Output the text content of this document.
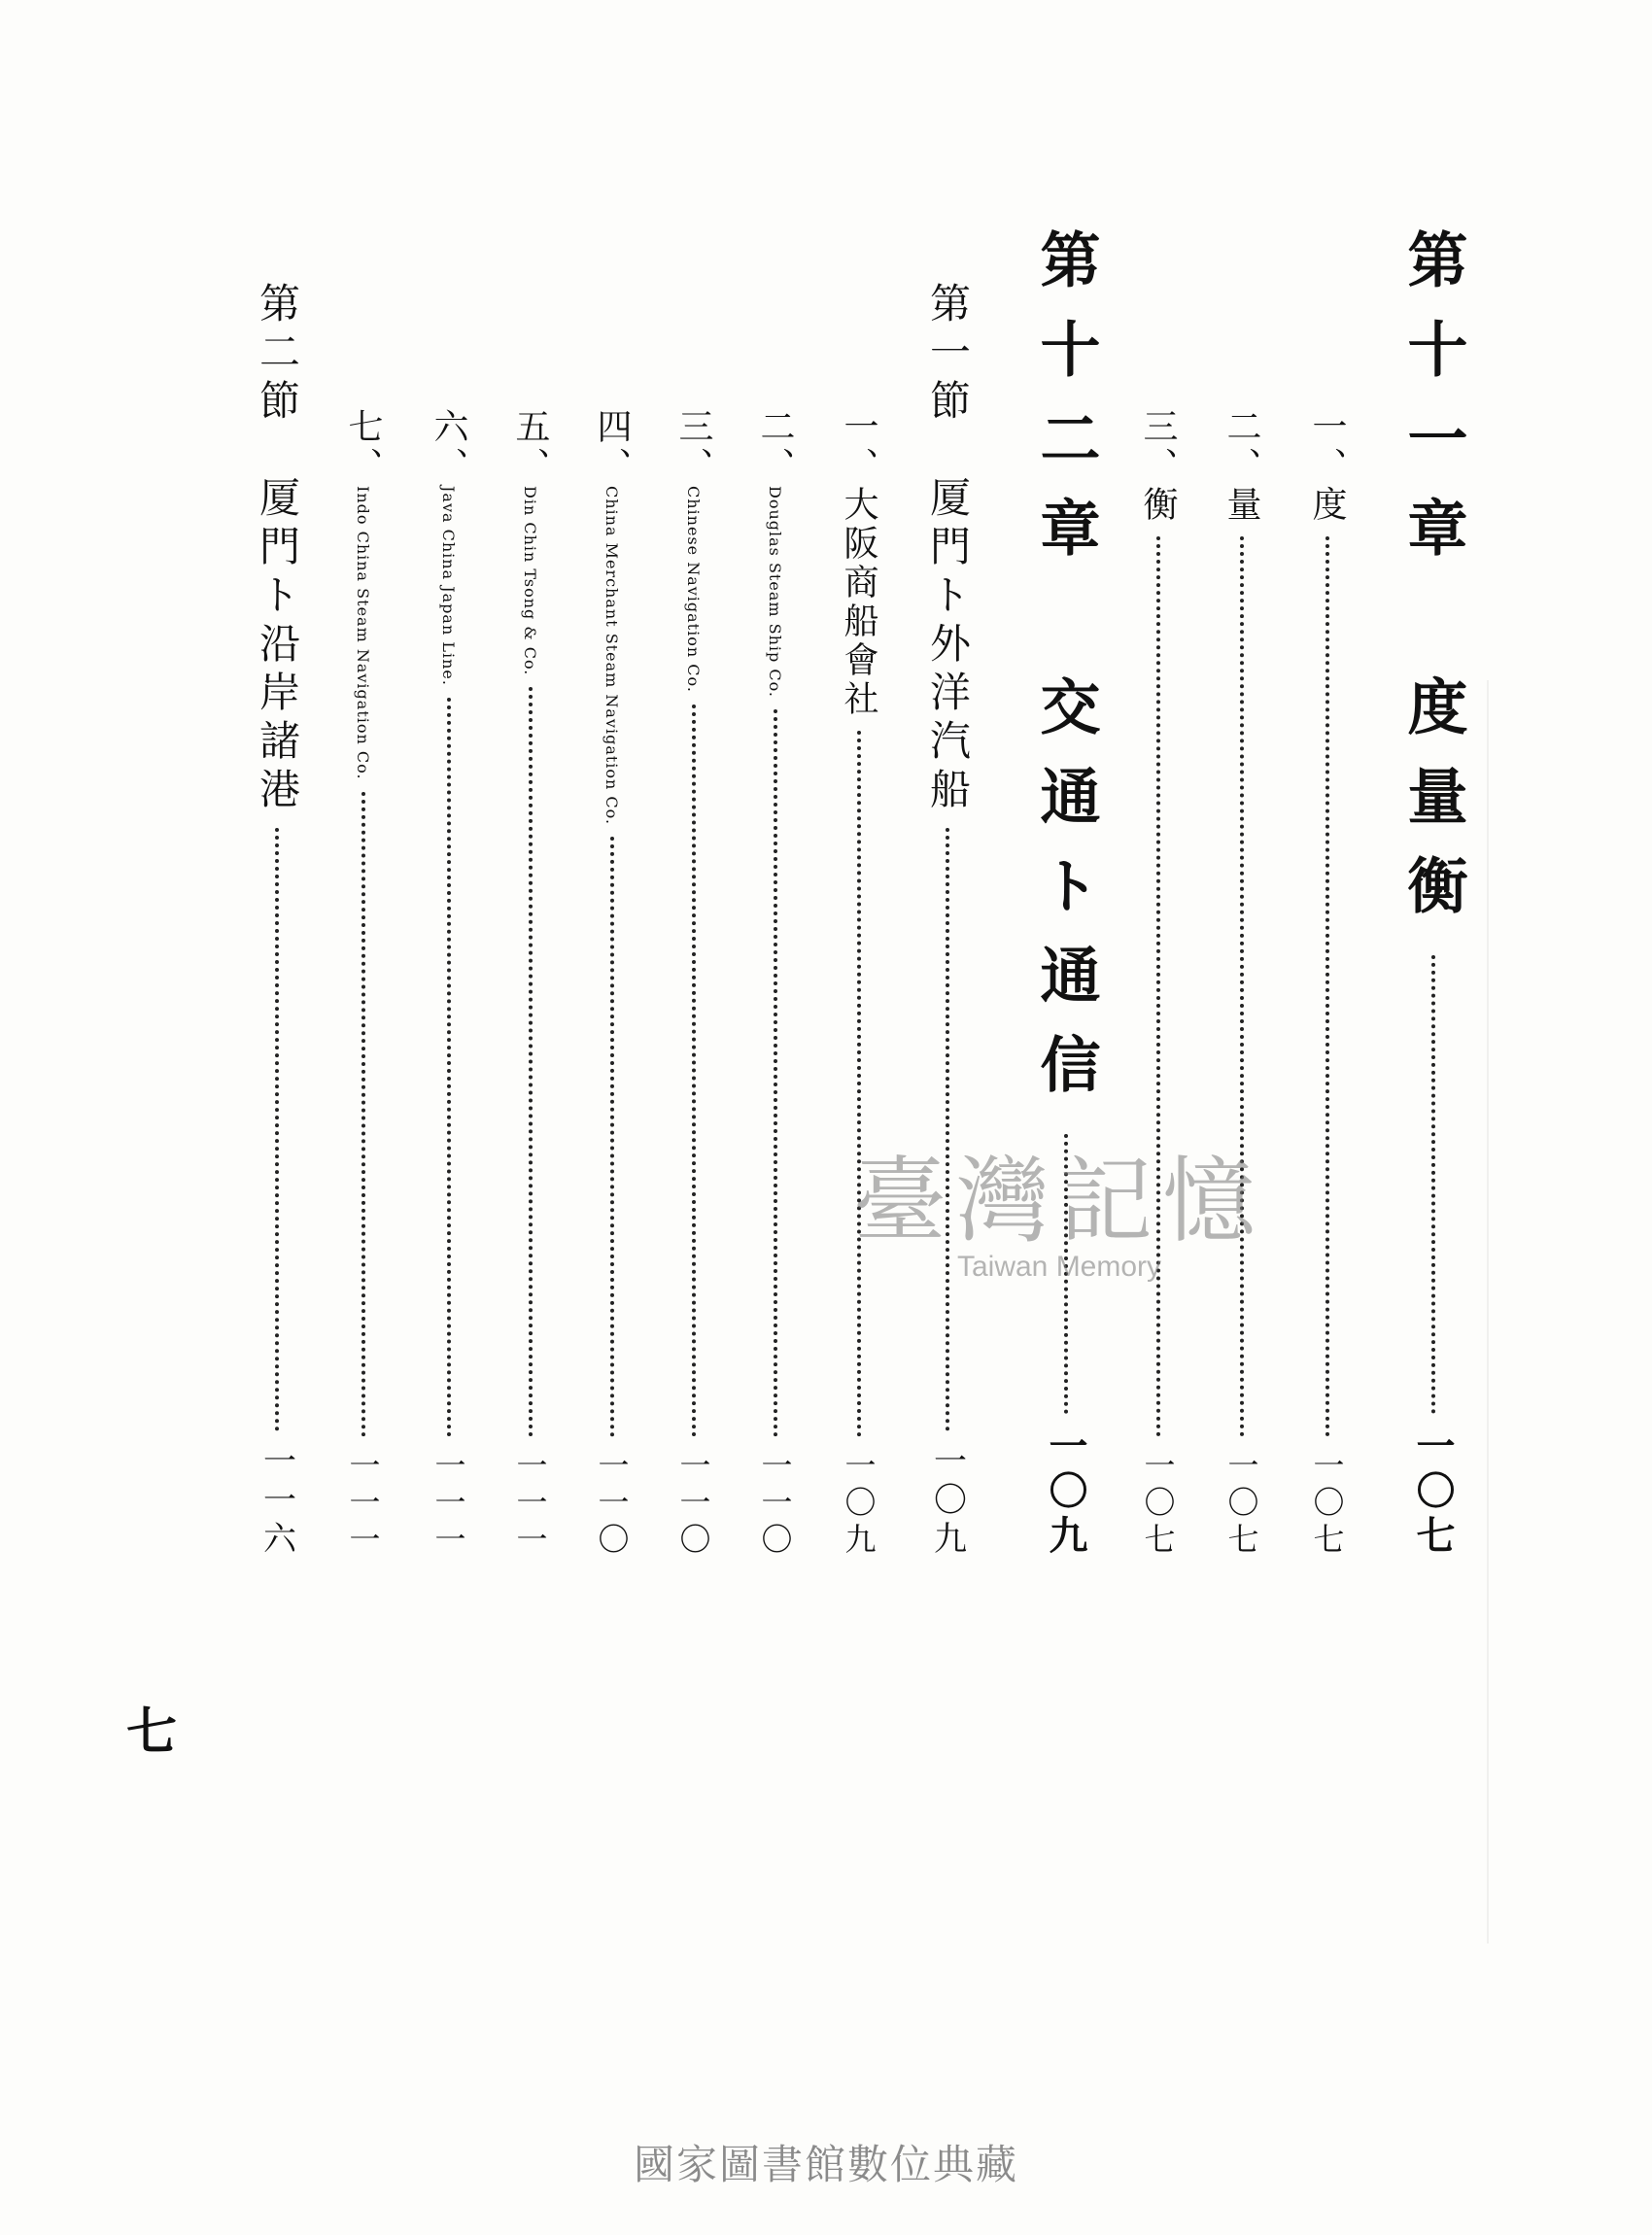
第十一章　度量衡
一〇七
一、度
一〇七
二、量
一〇七
三、衡
一〇七
第十二章　交通ト通信
一〇九
第一節　厦門ト外洋汽船
一〇九
一、大阪商船會社
一〇九
二、
Douglas Steam Ship Co.
一一〇
三、
Chinese Navigation Co.
一一〇
四、
China Merchant Steam Navigation Co.
一一〇
五、
Din Chin Tsong & Co.
一一一
六、
Java China Japan Line.
一一一
七、
Indo China Steam Navigation Co.
一一一
第二節　厦門ト沿岸諸港
一一六
七
臺灣記憶
Taiwan Memory
國家圖書館數位典藏
